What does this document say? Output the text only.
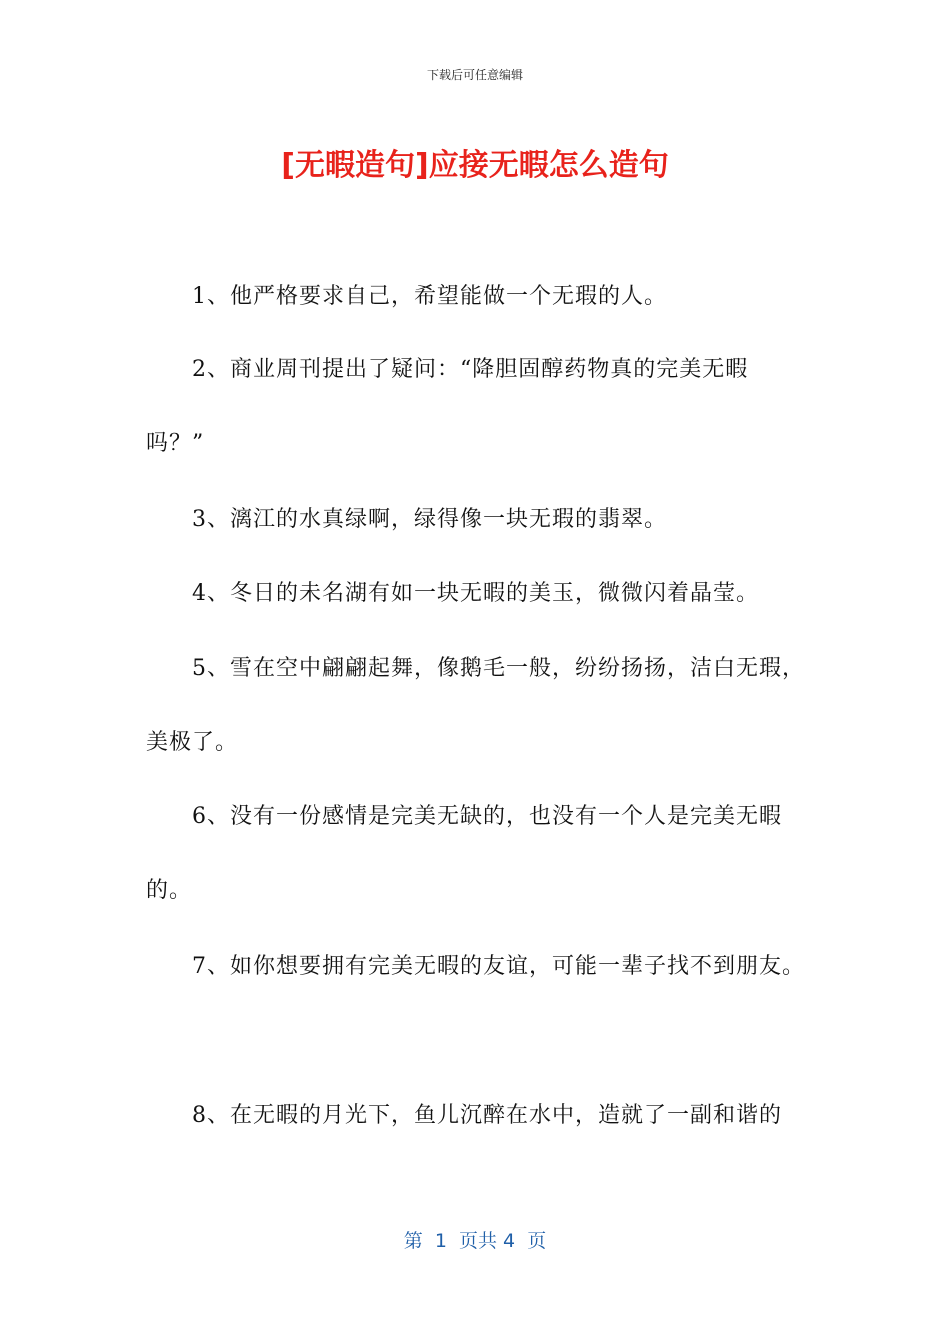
下载后可任意编辑
[无暇造句]应接无暇怎么造句
1、他严格要求自己，希望能做一个无瑕的人。
2、商业周刊提出了疑问：“降胆固醇药物真的完美无暇
吗？”
3、漓江的水真绿啊，绿得像一块无瑕的翡翠。
4、冬日的未名湖有如一块无暇的美玉，微微闪着晶莹。
5、雪在空中翩翩起舞，像鹅毛一般，纷纷扬扬，洁白无瑕，
美极了。
6、没有一份感情是完美无缺的，也没有一个人是完美无暇
的。
7、如你想要拥有完美无暇的友谊，可能一辈子找不到朋友。
8、在无暇的月光下，鱼儿沉醉在水中，造就了一副和谐的
第  1  页共 4  页
